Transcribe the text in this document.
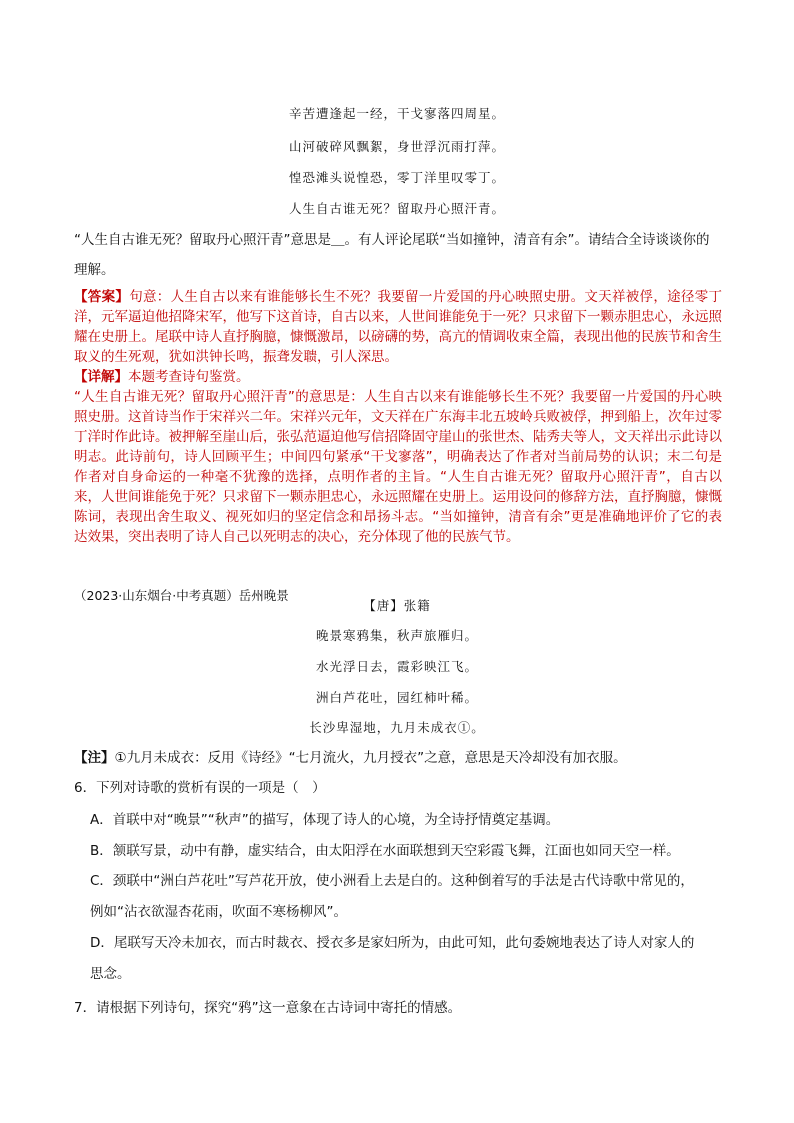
辛苦遭逢起一经，干戈寥落四周星。
山河破碎风飘絮，身世浮沉雨打萍。
惶恐滩头说惶恐，零丁洋里叹零丁。
人生自古谁无死？留取丹心照汗青。
“人生自古谁无死？留取丹心照汗青”意思是＿。有人评论尾联“当如撞钟，清音有余”。请结合全诗谈谈你的
理解。
【答案】句意：人生自古以来有谁能够长生不死？我要留一片爱国的丹心映照史册。文天祥被俘，途径零丁洋，元军逼迫他招降宋军，他写下这首诗，自古以来，人世间谁能免于一死？只求留下一颗赤胆忠心，永远照耀在史册上。尾联中诗人直抒胸臆，慷慨激昂，以磅礴的势，高亢的情调收束全篇，表现出他的民族节和舍生取义的生死观，犹如洪钟长鸣，振聋发聩，引人深思。
【详解】本题考查诗句鉴赏。
“人生自古谁无死？留取丹心照汗青”的意思是：人生自古以来有谁能够长生不死？我要留一片爱国的丹心映照史册。这首诗当作于宋祥兴二年。宋祥兴元年，文天祥在广东海丰北五坡岭兵败被俘，押到船上，次年过零丁洋时作此诗。被押解至崖山后，张弘范逼迫他写信招降固守崖山的张世杰、陆秀夫等人，文天祥出示此诗以明志。此诗前句，诗人回顾平生；中间四句紧承“干戈寥落”，明确表达了作者对当前局势的认识；末二句是作者对自身命运的一种毫不犹豫的选择，点明作者的主旨。“人生自古谁无死？留取丹心照汗青”，自古以来，人世间谁能免于死？只求留下一颗赤胆忠心，永远照耀在史册上。运用设问的修辞方法，直抒胸臆，慷慨陈词，表现出舍生取义、视死如归的坚定信念和昂扬斗志。“当如撞钟，清音有余”更是准确地评价了它的表达效果，突出表明了诗人自己以死明志的决心，充分体现了他的民族气节。
（2023·山东烟台·中考真题）岳州晚景
【唐】张籍
晚景寒鸦集，秋声旅雁归。
水光浮日去，霞彩映江飞。
洲白芦花吐，园红柿叶稀。
长沙卑湿地，九月未成衣①。
【注】①九月未成衣：反用《诗经》“七月流火，九月授衣”之意，意思是天冷却没有加衣服。
6．下列对诗歌的赏析有误的一项是（　）
A．首联中对“晚景”“秋声”的描写，体现了诗人的心境，为全诗抒情奠定基调。
B．颔联写景，动中有静，虚实结合，由太阳浮在水面联想到天空彩霞飞舞，江面也如同天空一样。
C．颈联中“洲白芦花吐”写芦花开放，使小洲看上去是白的。这种倒着写的手法是古代诗歌中常见的，
例如“沾衣欲湿杏花雨，吹面不寒杨柳风”。
D．尾联写天冷未加衣，而古时裁衣、授衣多是家妇所为，由此可知，此句委婉地表达了诗人对家人的
思念。
7．请根据下列诗句，探究“鸦”这一意象在古诗词中寄托的情感。
